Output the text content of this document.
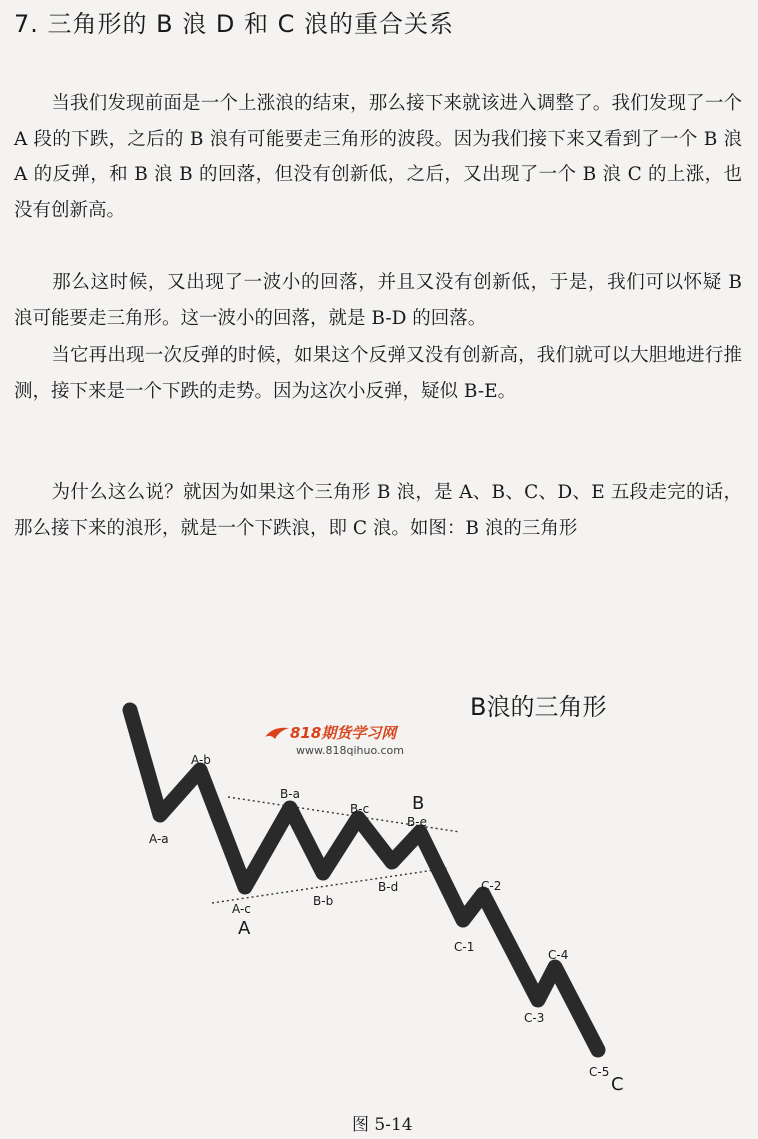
7. 三角形的 B 浪 D 和 C 浪的重合关系

　　当我们发现前面是一个上涨浪的结束，那么接下来就该进入调整了。我们发现了一个 A 段的下跌，之后的 B 浪有可能要走三角形的波段。因为我们接下来又看到了一个 B 浪 A 的反弹，和 B 浪 B 的回落，但没有创新低，之后，又出现了一个 B 浪 C 的上涨，也没有创新高。

　　那么这时候，又出现了一波小的回落，并且又没有创新低，于是，我们可以怀疑 B 浪可能要走三角形。这一波小的回落，就是 B-D 的回落。

　　当它再出现一次反弹的时候，如果这个反弹又没有创新高，我们就可以大胆地进行推测，接下来是一个下跌的走势。因为这次小反弹，疑似 B-E。

　　为什么这么说？就因为如果这个三角形 B 浪，是 A、B、C、D、E 五段走完的话，那么接下来的浪形，就是一个下跌浪，即 C 浪。如图：B 浪的三角形

B浪的三角形
818期货学习网
www.818qihuo.com
A-a
A-b
A-c
A
B-a
B-b
B-c
B-d
B-e
B
C-1
C-2
C-3
C-4
C-5
C
图 5-14
